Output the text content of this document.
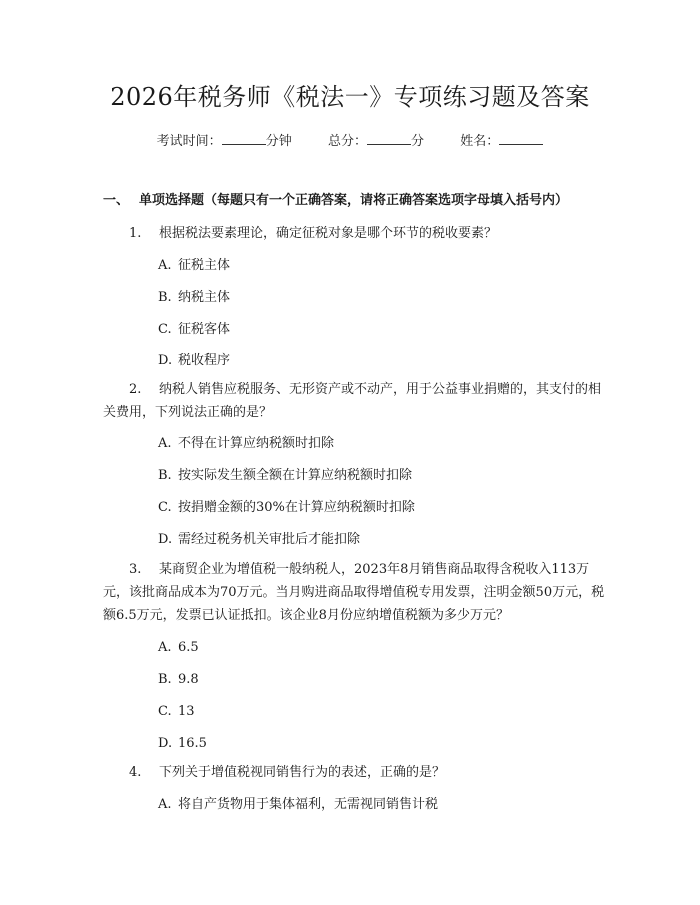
2026年税务师《税法一》专项练习题及答案
考试时间：	分钟	总分：	分	姓名：
一、 单项选择题（每题只有一个正确答案，请将正确答案选项字母填入括号内）
1. 根据税法要素理论，确定征税对象是哪个环节的税收要素？
A. 征税主体
B. 纳税主体
C. 征税客体
D. 税收程序
2. 纳税人销售应税服务、无形资产或不动产，用于公益事业捐赠的，其支付的相关费用，下列说法正确的是？
A. 不得在计算应纳税额时扣除
B. 按实际发生额全额在计算应纳税额时扣除
C. 按捐赠金额的30%在计算应纳税额时扣除
D. 需经过税务机关审批后才能扣除
3. 某商贸企业为增值税一般纳税人，2023年8月销售商品取得含税收入113万元，该批商品成本为70万元。当月购进商品取得增值税专用发票，注明金额50万元，税额6.5万元，发票已认证抵扣。该企业8月份应纳增值税额为多少万元？
A. 6.5
B. 9.8
C. 13
D. 16.5
4. 下列关于增值税视同销售行为的表述，正确的是？
A. 将自产货物用于集体福利，无需视同销售计税
